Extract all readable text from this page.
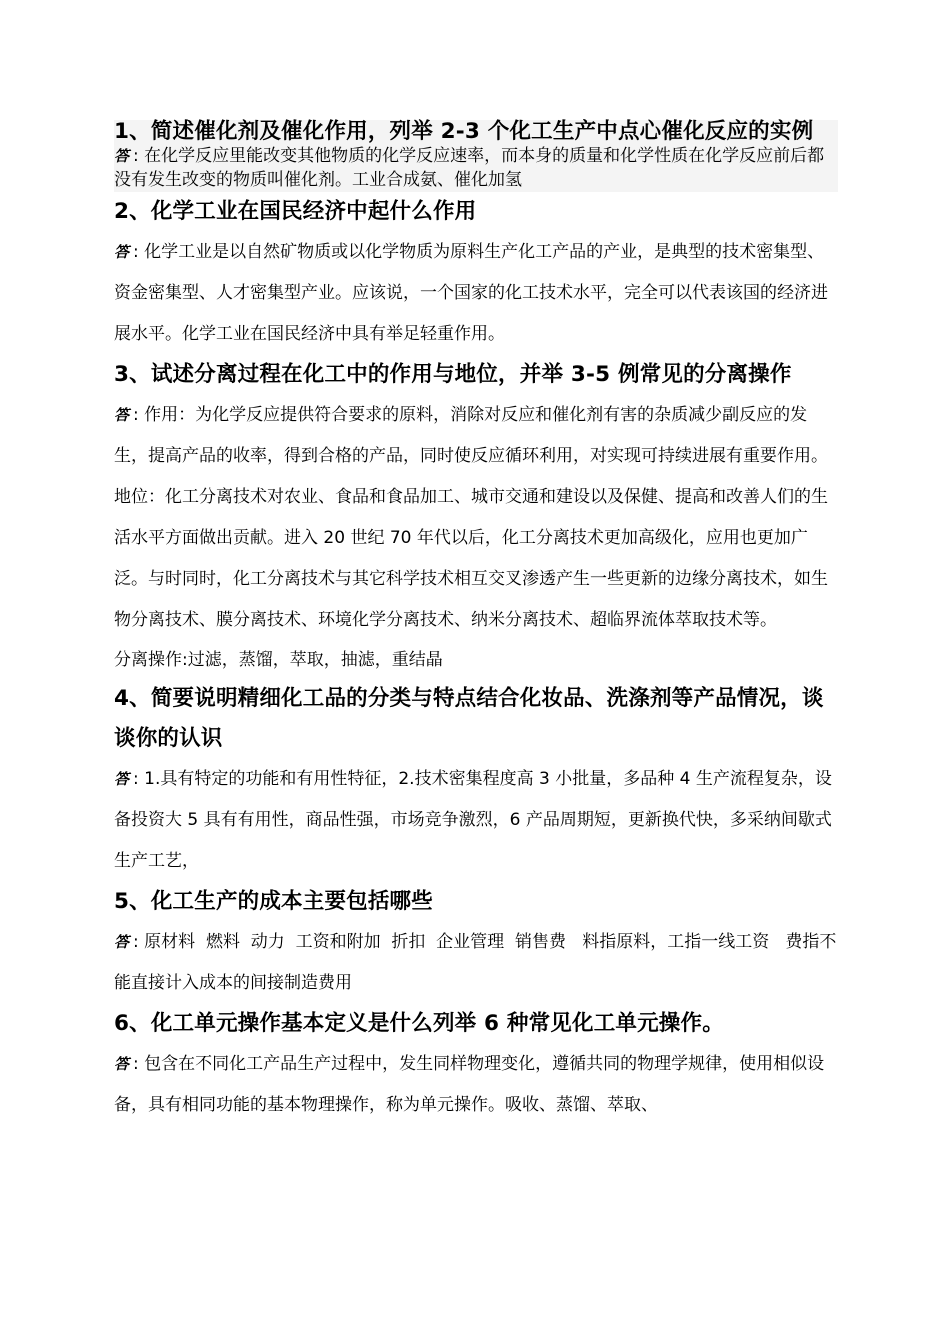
1、简述催化剂及催化作用，列举 2-3 个化工生产中点心催化反应的实例

答 : 在化学反应里能改变其他物质的化学反应速率，而本身的质量和化学性质在化学反应前后都没有发生改变的物质叫催化剂。工业合成氨、催化加氢

2、化学工业在国民经济中起什么作用

答 : 化学工业是以自然矿物质或以化学物质为原料生产化工产品的产业，是典型的技术密集型、资金密集型、人才密集型产业。应该说，一个国家的化工技术水平，完全可以代表该国的经济进展水平。化学工业在国民经济中具有举足轻重作用。

3、试述分离过程在化工中的作用与地位，并举 3-5 例常见的分离操作

答 : 作用：为化学反应提供符合要求的原料，消除对反应和催化剂有害的杂质减少副反应的发生，提高产品的收率，得到合格的产品，同时使反应循环利用，对实现可持续进展有重要作用。地位：化工分离技术对农业、食品和食品加工、城市交通和建设以及保健、提高和改善人们的生活水平方面做出贡献。进入 20 世纪 70 年代以后，化工分离技术更加高级化，应用也更加广泛。与时同时，化工分离技术与其它科学技术相互交叉渗透产生一些更新的边缘分离技术，如生物分离技术、膜分离技术、环境化学分离技术、纳米分离技术、超临界流体萃取技术等。

分离操作:过滤，蒸馏，萃取，抽滤，重结晶

4、简要说明精细化工品的分类与特点结合化妆品、洗涤剂等产品情况，谈谈你的认识

答 : 1.具有特定的功能和有用性特征，2.技术密集程度高 3 小批量，多品种 4 生产流程复杂，设备投资大 5 具有有用性，商品性强，市场竞争激烈，6 产品周期短，更新换代快，多采纳间歇式生产工艺，

5、化工生产的成本主要包括哪些

答 : 原材料  燃料  动力  工资和附加  折扣  企业管理  销售费   料指原料，工指一线工资   费指不能直接计入成本的间接制造费用

6、化工单元操作基本定义是什么列举 6 种常见化工单元操作。

答 : 包含在不同化工产品生产过程中，发生同样物理变化，遵循共同的物理学规律，使用相似设备，具有相同功能的基本物理操作，称为单元操作。吸收、蒸馏、萃取、
